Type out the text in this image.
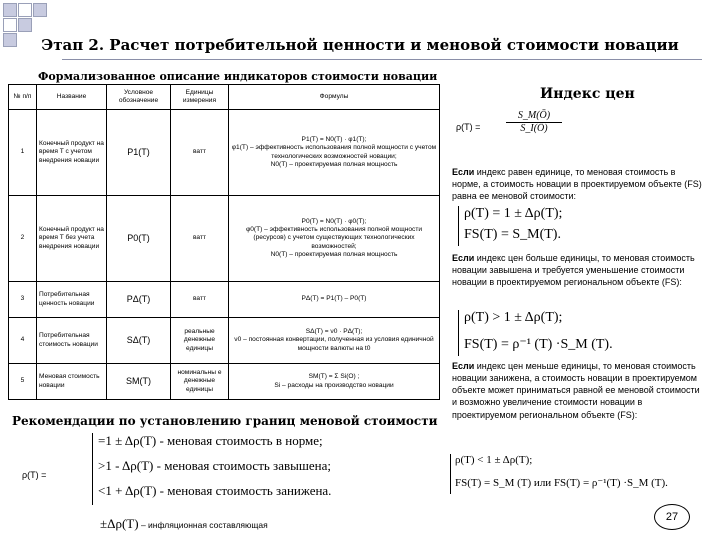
Этап 2. Расчет потребительной ценности и меновой стоимости новации
Формализованное описание индикаторов стоимости новации
№ п/п	Название	Условное обозначение	Единицы измерения	Формулы
1	Конечный продукт на время T с учетом внедрения новации	P1(T)	ватт	P1(T) = N0(T) · φ1(T);
φ1(T) – эффективность использования полной мощности с учетом технологических возможностей новации;
N0(T) – проектируемая полная мощность

2	Конечный продукт на время T без учета внедрения новации	P0(T)	ватт	P0(T) = N0(T) · φ0(T);
φ0(T) – эффективность использования полной мощности (ресурсов) с учетом существующих технологических возможностей;
N0(T) – проектируемая полная мощность

3	Потребительная ценность новации	PΔ(T)	ватт	PΔ(T) = P1(T) – P0(T)

4	Потребительная стоимость новации	SΔ(T)	реальные денежные единицы	SΔ(T) = ν0 · PΔ(T);
ν0 – постоянная конвертации, полученная из условия единичной мощности валюты на t0

5	Меновая стоимость новации	SM(T)	номинальны е денежные единицы	SM(T) = Σ Si(O) ;
Si – расходы на производство новации
Рекомендации по установлению границ меновой стоимости
ρ(T) =
=1 ± Δρ(T) - меновая стоимость в норме;
>1 - Δρ(T) - меновая стоимость завышена;
<1 + Δρ(T) - меновая стоимость занижена.
±Δρ(T) – инфляционная составляющая
Индекс цен
ρ(T) =	$\frac{S\_M(Ō)}{S\_I(Ō)}$
Если индекс равен единице, то меновая стоимость в норме, а стоимость новации в проектируемом объекте (FS) равна ее меновой стоимости:
ρ(T) = 1 ± Δρ(T);
FS(T) = S_M(T).
Если индекс цен больше единицы, то меновая стоимость новации завышена и требуется уменьшение стоимости новации в проектируемом региональном объекте (FS):
ρ(T) > 1 ± Δρ(T);
FS(T) = ρ⁻¹ (T) ·S_M (T).
Если индекс цен меньше единицы, то меновая стоимость новации занижена, а стоимость новации в проектируемом объекте может приниматься равной ее меновой стоимости и возможно увеличение стоимости новации в проектируемом региональном объекте (FS):
ρ(T) < 1 ± Δρ(T);
FS(T) = S_M (T) или FS(T) = ρ⁻¹(T) ·S_M (T).
27
